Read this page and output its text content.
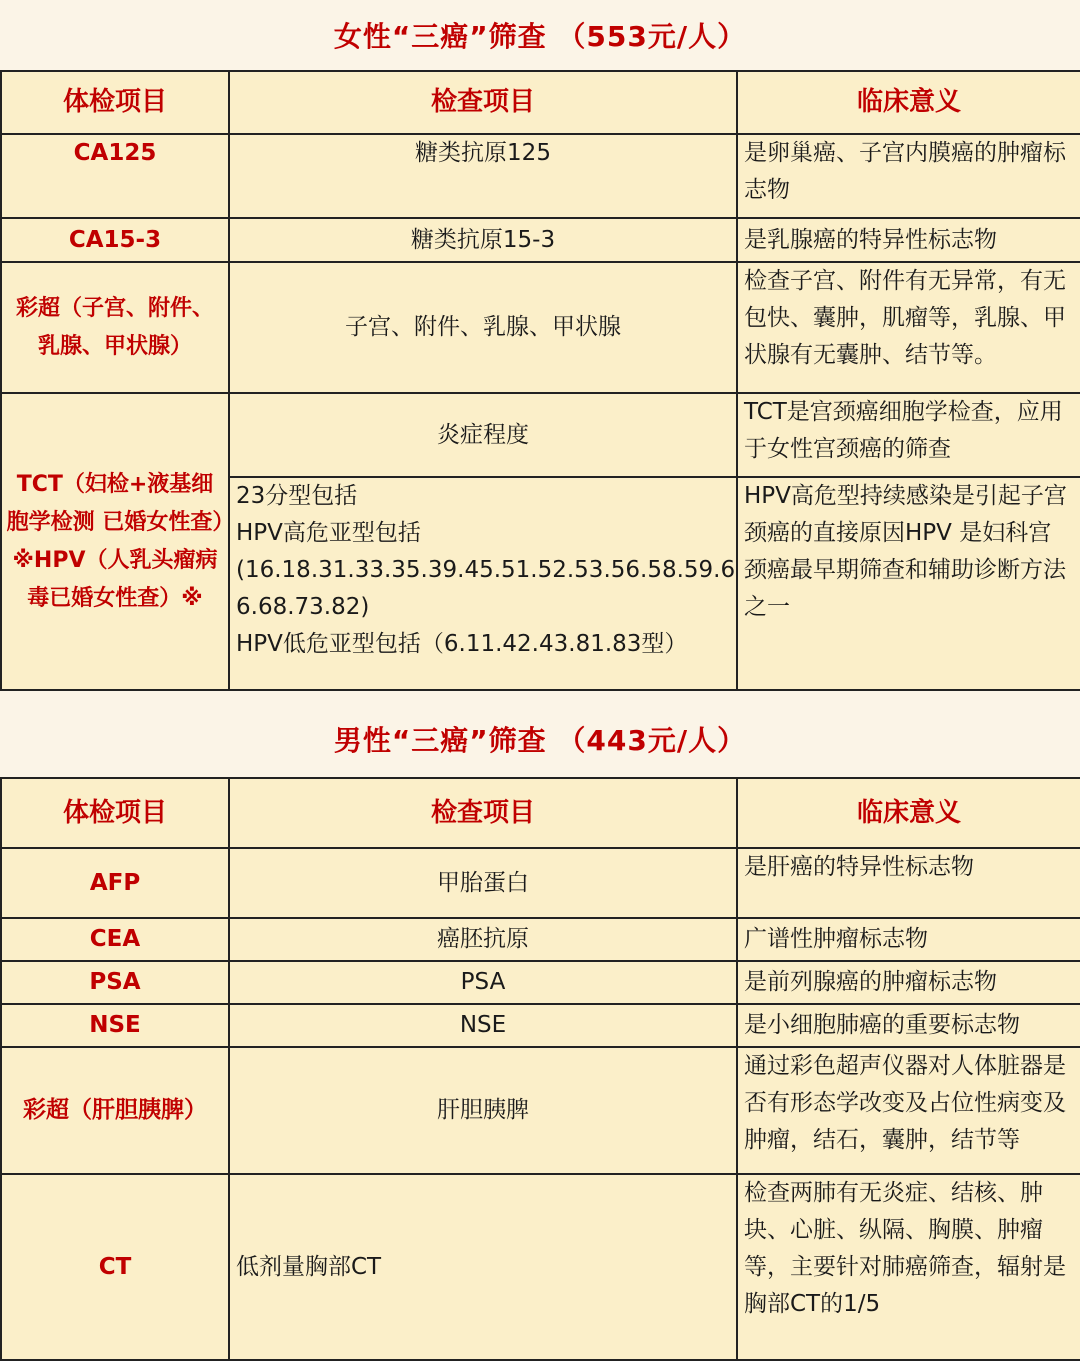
女性“三癌”筛查 （553元/人）
体检项目	检查项目	临床意义
CA125	糖类抗原125	是卵巢癌、子宫内膜癌的肿瘤标志物
CA15-3	糖类抗原15-3	是乳腺癌的特异性标志物
彩超（子宫、附件、乳腺、甲状腺）	子宫、附件、乳腺、甲状腺	检查子宫、附件有无异常，有无包快、囊肿，肌瘤等，乳腺、甲状腺有无囊肿、结节等。
TCT（妇检+液基细胞学检测 已婚女性查）※HPV（人乳头瘤病毒已婚女性查）※	炎症程度	TCT是宫颈癌细胞学检查，应用于女性宫颈癌的筛查

	23分型包括
HPV高危亚型包括
(16.18.31.33.35.39.45.51.52.53.56.58.59.6
6.68.73.82)
HPV低危亚型包括（6.11.42.43.81.83型）	HPV高危型持续感染是引起子宫颈癌的直接原因HPV 是妇科宫颈癌最早期筛查和辅助诊断方法之一
男性“三癌”筛查 （443元/人）
体检项目	检查项目	临床意义
AFP	甲胎蛋白	是肝癌的特异性标志物
CEA	癌胚抗原	广谱性肿瘤标志物
PSA	PSA	是前列腺癌的肿瘤标志物
NSE	NSE	是小细胞肺癌的重要标志物
彩超（肝胆胰脾）	肝胆胰脾	通过彩色超声仪器对人体脏器是否有形态学改变及占位性病变及肿瘤，结石，囊肿，结节等

CT	低剂量胸部CT	检查两肺有无炎症、结核、肿块、心脏、纵隔、胸膜、肿瘤等，主要针对肺癌筛查，辐射是胸部CT的1/5
